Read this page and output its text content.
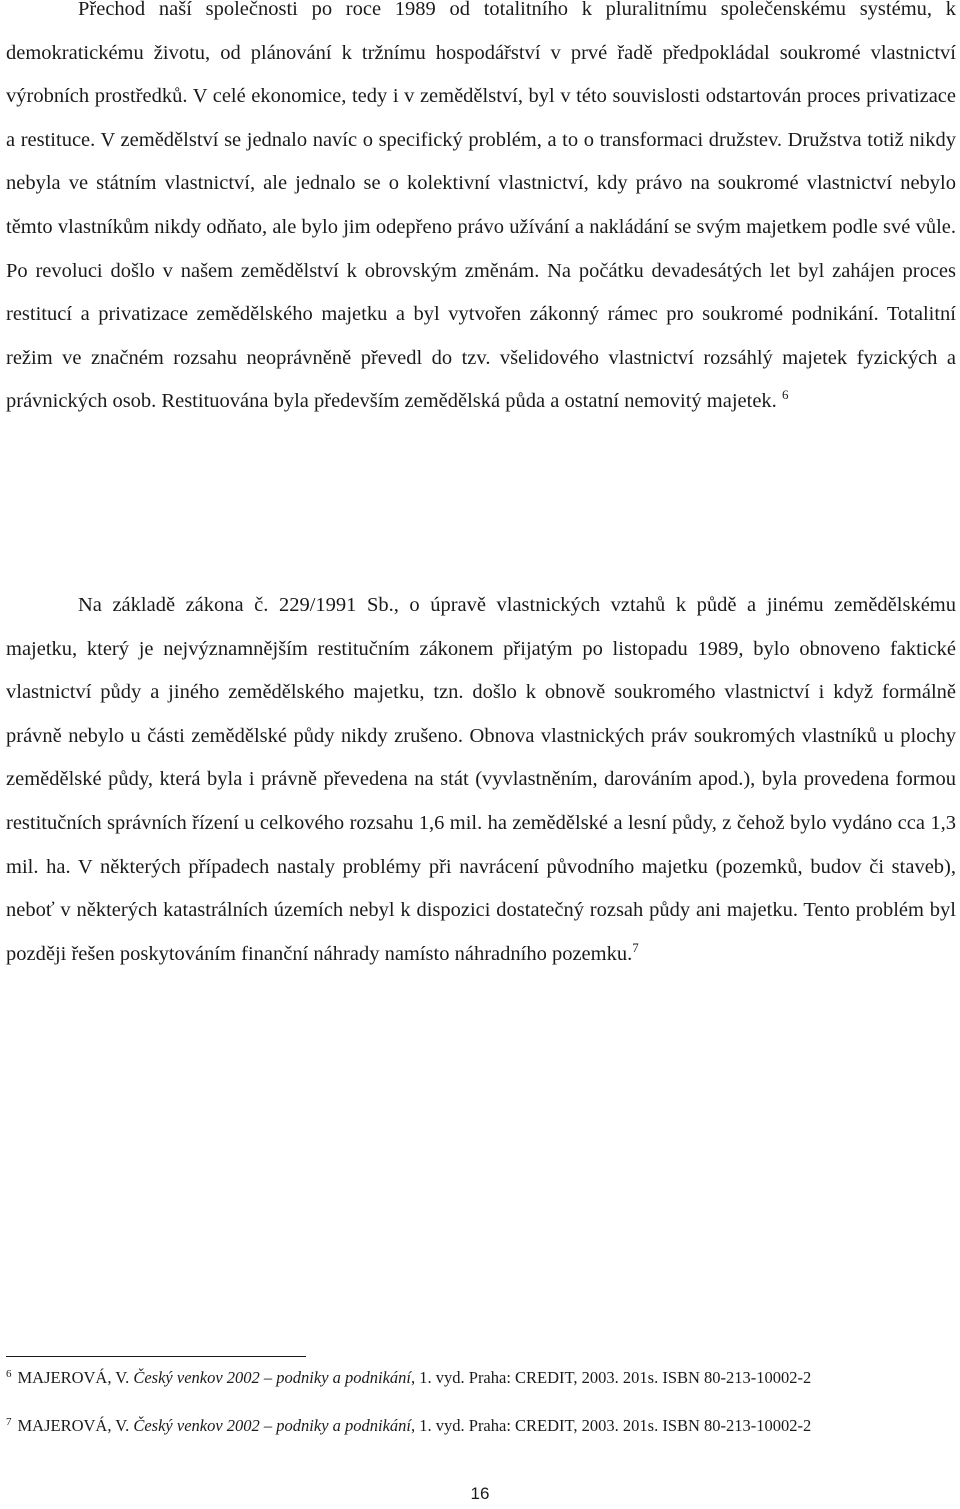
Přechod naší společnosti po roce 1989 od totalitního k pluralitnímu společenskému systému, k demokratickému životu, od plánování k tržnímu hospodářství v prvé řadě předpokládal soukromé vlastnictví výrobních prostředků. V celé ekonomice, tedy i v zemědělství, byl v této souvislosti odstartován proces privatizace a restituce. V zemědělství se jednalo navíc o specifický problém, a to o transformaci družstev. Družstva totiž nikdy nebyla ve státním vlastnictví, ale jednalo se o kolektivní vlastnictví, kdy právo na soukromé vlastnictví nebylo těmto vlastníkům nikdy odňato, ale bylo jim odepřeno právo užívání a nakládání se svým majetkem podle své vůle. Po revoluci došlo v našem zemědělství k obrovským změnám. Na počátku devadesátých let byl zahájen proces restitucí a privatizace zemědělského majetku a byl vytvořen zákonný rámec pro soukromé podnikání. Totalitní režim ve značném rozsahu neoprávněně převedl do tzv. všelidového vlastnictví rozsáhlý majetek fyzických a právnických osob. Restituována byla především zemědělská půda a ostatní nemovitý majetek. $^6$

Na základě zákona č. 229/1991 Sb., o úpravě vlastnických vztahů k půdě a jinému zemědělskému majetku, který je nejvýznamnějším restitučním zákonem přijatým po listopadu 1989, bylo obnoveno faktické vlastnictví půdy a jiného zemědělského majetku, tzn. došlo k obnově soukromého vlastnictví i když formálně právně nebylo u části zemědělské půdy nikdy zrušeno. Obnova vlastnických práv soukromých vlastníků u plochy zemědělské půdy, která byla i právně převedena na stát (vyvlastněním, darováním apod.), byla provedena formou restitučních správních řízení u celkového rozsahu 1,6 mil. ha zemědělské a lesní půdy, z čehož bylo vydáno cca 1,3 mil. ha. V některých případech nastaly problémy při navrácení původního majetku (pozemků, budov či staveb), neboť v některých katastrálních územích nebyl k dispozici dostatečný rozsah půdy ani majetku. Tento problém byl později řešen poskytováním finanční náhrady namísto náhradního pozemku.$^7$

$^6$ MAJEROVÁ, V. Český venkov 2002 – podniky a podnikání, 1. vyd. Praha: CREDIT, 2003. 201s. ISBN 80-213-10002-2

$^7$ MAJEROVÁ, V. Český venkov 2002 – podniky a podnikání, 1. vyd. Praha: CREDIT, 2003. 201s. ISBN 80-213-10002-2

16
